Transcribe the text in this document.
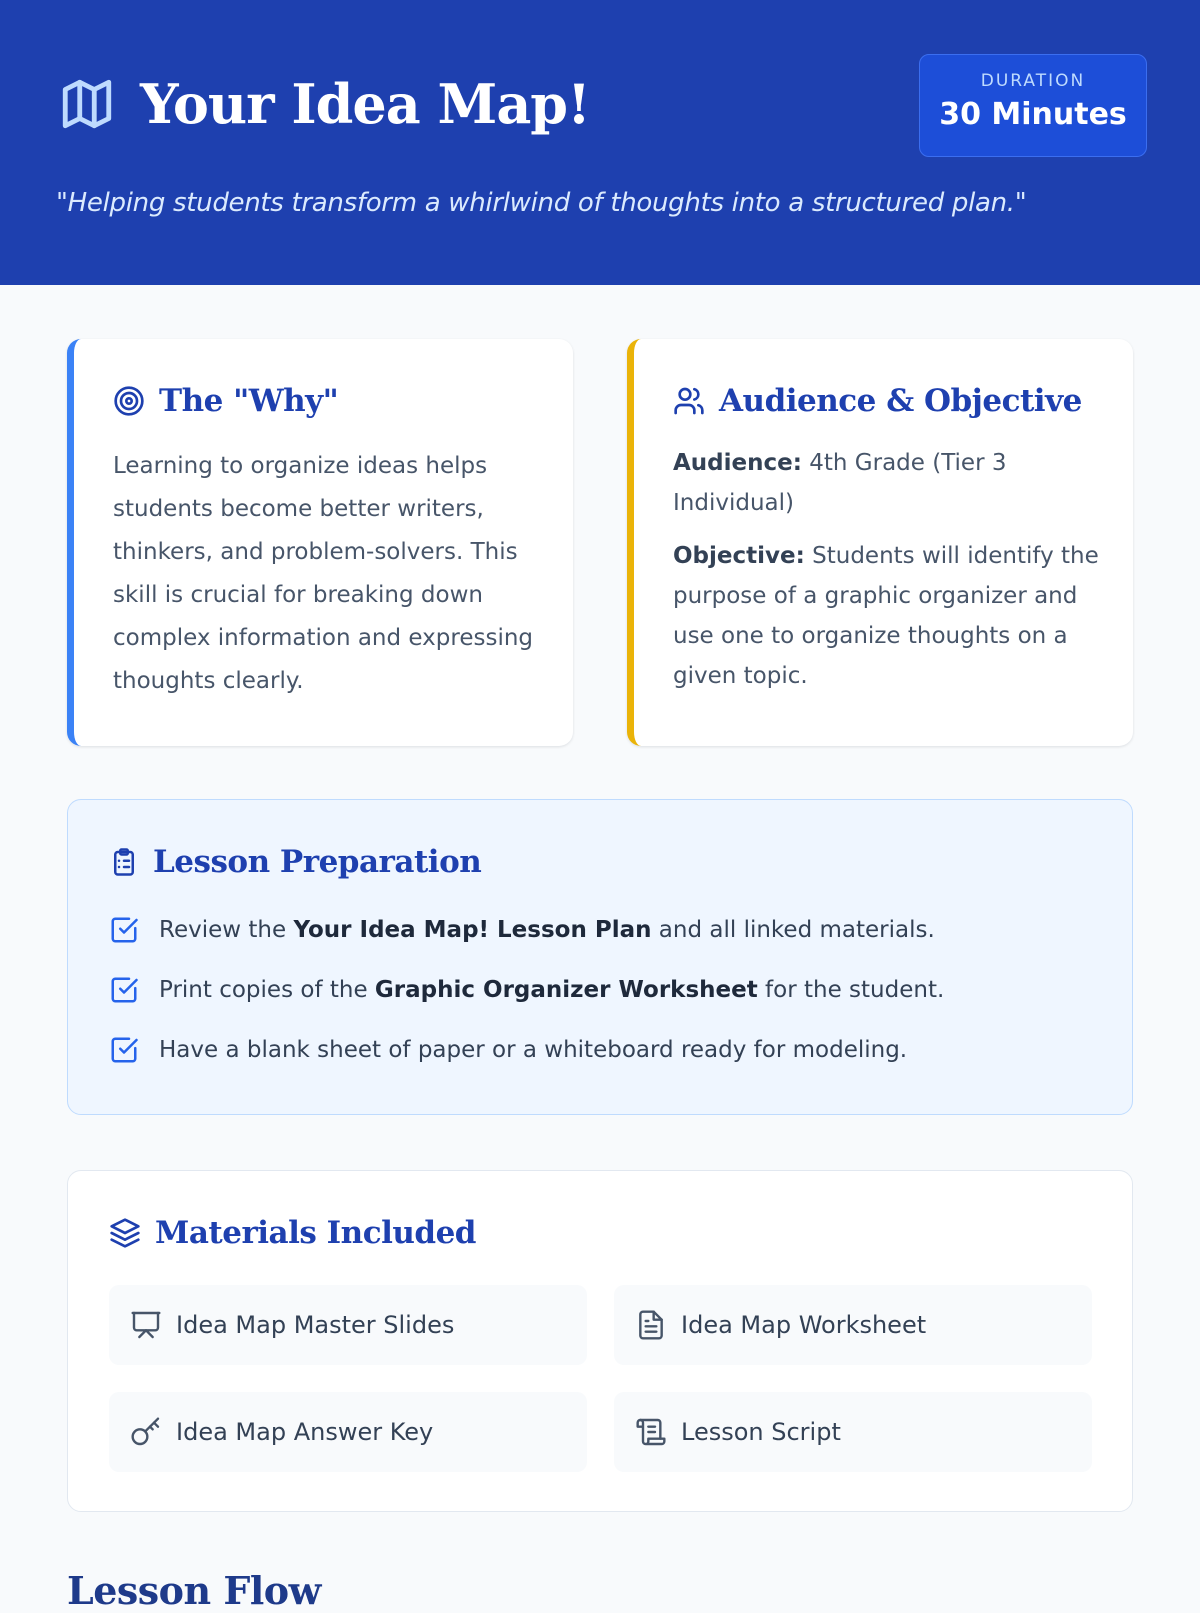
Your Idea Map!	DURATION
30 Minutes

"Helping students transform a whirlwind of thoughts into a structured plan."

The "Why"

Learning to organize ideas helps students become better writers, thinkers, and problem-solvers. This skill is crucial for breaking down complex information and expressing thoughts clearly.

Audience & Objective

Audience: 4th Grade (Tier 3 Individual)

Objective: Students will identify the purpose of a graphic organizer and use one to organize thoughts on a given topic.

Lesson Preparation
Review the Your Idea Map! Lesson Plan and all linked materials.
Print copies of the Graphic Organizer Worksheet for the student.
Have a blank sheet of paper or a whiteboard ready for modeling.
Materials Included
Idea Map Master Slides	Idea Map Worksheet
Idea Map Answer Key	Lesson Script
Lesson Flow
